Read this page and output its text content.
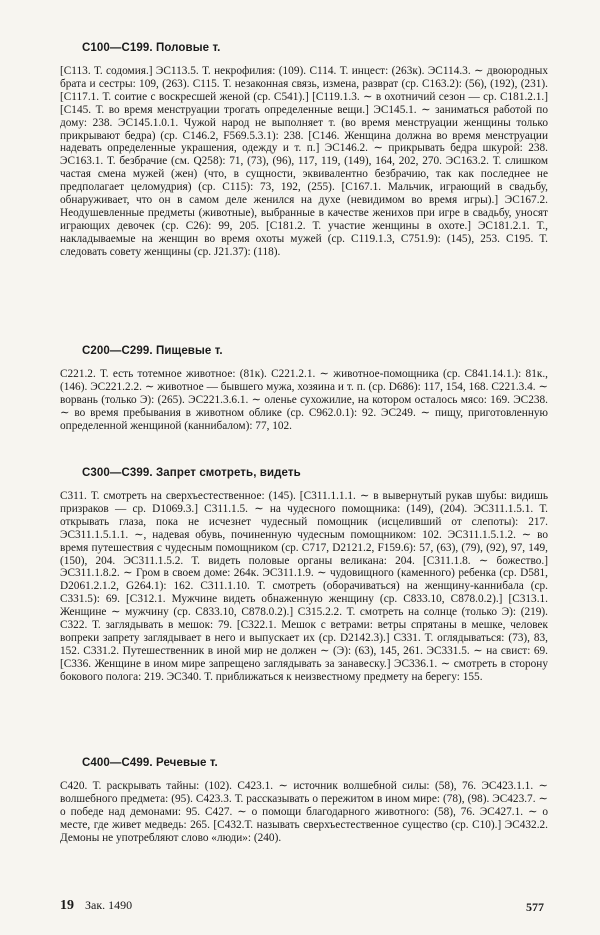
C100—C199. Половые т.

[C113. Т. содомия.] ЭС113.5. Т. некрофилия: (109). C114. Т. инцест: (263к). ЭС114.3. ∼ двоюродных брата и сестры: 109, (263). C115. Т. незаконная связь, измена, разврат (ср. C163.2): (56), (192), (231). [C117.1. Т. соитие с воскресшей женой (ср. C541).] [C119.1.3. ∼ в охотничий сезон — ср. C181.2.1.] [C145. Т. во время менструации трогать определенные вещи.] ЭС145.1. ∼ заниматься работой по дому: 238. ЭС145.1.0.1. Чужой народ не выполняет т. (во время менструации женщины только прикрывают бедра) (ср. C146.2, F569.5.3.1): 238. [C146. Женщина должна во время менструации надевать определенные украшения, одежду и т. п.] ЭС146.2. ∼ прикрывать бедра шкурой: 238. ЭС163.1. Т. безбрачие (см. Q258): 71, (73), (96), 117, 119, (149), 164, 202, 270. ЭС163.2. Т. слишком частая смена мужей (жен) (что, в сущности, эквивалентно безбрачию, так как последнее не предполагает целомудрия) (ср. C115): 73, 192, (255). [C167.1. Мальчик, играющий в свадьбу, обнаруживает, что он в самом деле женился на духе (невидимом во время игры).] ЭС167.2. Неодушевленные предметы (животные), выбранные в качестве женихов при игре в свадьбу, уносят играющих девочек (ср. C26): 99, 205. [C181.2. Т. участие женщины в охоте.] ЭС181.2.1. Т., накладываемые на женщин во время охоты мужей (ср. C119.1.3, C751.9): (145), 253. C195. Т. следовать совету женщины (ср. J21.37): (118).

C200—C299. Пищевые т.

C221.2. Т. есть тотемное животное: (81к). C221.2.1. ∼ животное-помощника (ср. C841.14.1.): 81к., (146). ЭС221.2.2. ∼ животное — бывшего мужа, хозяина и т. п. (ср. D686): 117, 154, 168. C221.3.4. ∼ ворвань (только Э): (265). ЭС221.3.6.1. ∼ оленье сухожилие, на котором осталось мясо: 169. ЭС238. ∼ во время пребывания в животном облике (ср. C962.0.1): 92. ЭС249. ∼ пищу, приготовленную определенной женщиной (каннибалом): 77, 102.

C300—C399. Запрет смотреть, видеть

C311. Т. смотреть на сверхъестественное: (145). [C311.1.1.1. ∼ в вывернутый рукав шубы: видишь призраков — ср. D1069.3.] C311.1.5. ∼ на чудесного помощника: (149), (204). ЭС311.1.5.1. Т. открывать глаза, пока не исчезнет чудесный помощник (исцеливший от слепоты): 217. ЭС311.1.5.1.1. ∼, надевая обувь, починенную чудесным помощником: 102. ЭС311.1.5.1.2. ∼ во время путешествия с чудесным помощником (ср. C717, D2121.2, F159.6): 57, (63), (79), (92), 97, 149, (150), 204. ЭС311.1.5.2. Т. видеть половые органы великана: 204. [C311.1.8. ∼ божество.] ЭС311.1.8.2. ∼ Гром в своем доме: 264к. ЭС311.1.9. ∼ чудовищного (каменного) ребенка (ср. D581, D2061.2.1.2, G264.1): 162. C311.1.10. Т. смотреть (оборачиваться) на женщину-каннибала (ср. C331.5): 69. [C312.1. Мужчине видеть обнаженную женщину (ср. C833.10, C878.0.2).] [C313.1. Женщине ∼ мужчину (ср. C833.10, C878.0.2).] C315.2.2. Т. смотреть на солнце (только Э): (219). C322. Т. заглядывать в мешок: 79. [C322.1. Мешок с ветрами: ветры спрятаны в мешке, человек вопреки запрету заглядывает в него и выпускает их (ср. D2142.3).] C331. Т. оглядываться: (73), 83, 152. C331.2. Путешественник в иной мир не должен ∼ (Э): (63), 145, 261. ЭС331.5. ∼ на свист: 69. [C336. Женщине в ином мире запрещено заглядывать за занавеску.] ЭС336.1. ∼ смотреть в сторону бокового полога: 219. ЭС340. Т. приближаться к неизвестному предмету на берегу: 155.

C400—C499. Речевые т.

C420. Т. раскрывать тайны: (102). C423.1. ∼ источник волшебной силы: (58), 76. ЭС423.1.1. ∼ волшебного предмета: (95). C423.3. Т. рассказывать о пережитом в ином мире: (78), (98). ЭС423.7. ∼ о победе над демонами: 95. C427. ∼ о помощи благодарного животного: (58), 76. ЭС427.1. ∼ о месте, где живет медведь: 265. [C432.Т. называть сверхъестественное существо (ср. C10).] ЭС432.2. Демоны не употребляют слово «люди»: (240).

19 Зак. 1490	577
